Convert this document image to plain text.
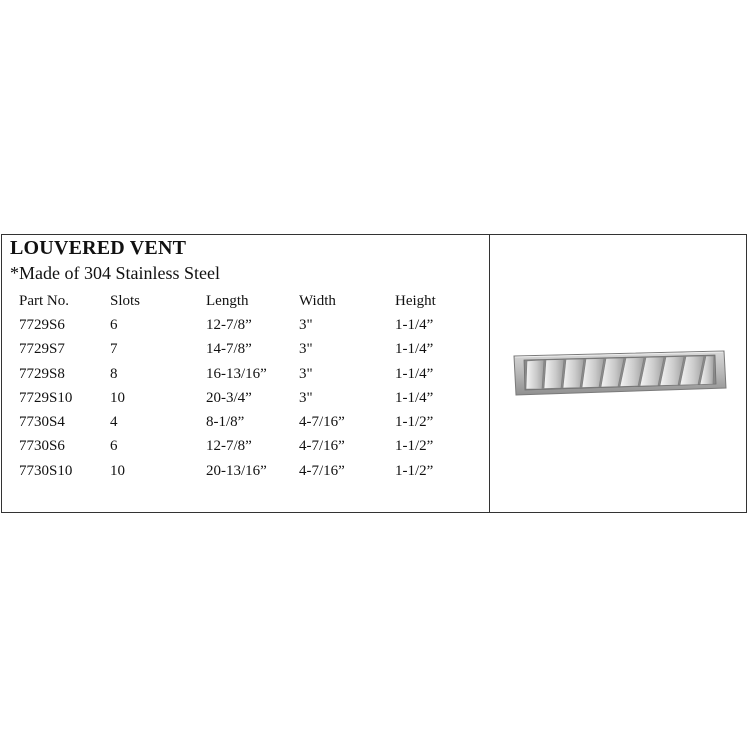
LOUVERED VENT
*Made of 304 Stainless Steel
Part No.	Slots	Length	Width	Height
7729S6	6	12-7/8”	3"	1-1/4”
7729S7	7	14-7/8”	3"	1-1/4”
7729S8	8	16-13/16”	3"	1-1/4”
7729S10	10	20-3/4”	3"	1-1/4”
7730S4	4	8-1/8”	4-7/16”	1-1/2”
7730S6	6	12-7/8”	4-7/16”	1-1/2”
7730S10	10	20-13/16”	4-7/16”	1-1/2”
